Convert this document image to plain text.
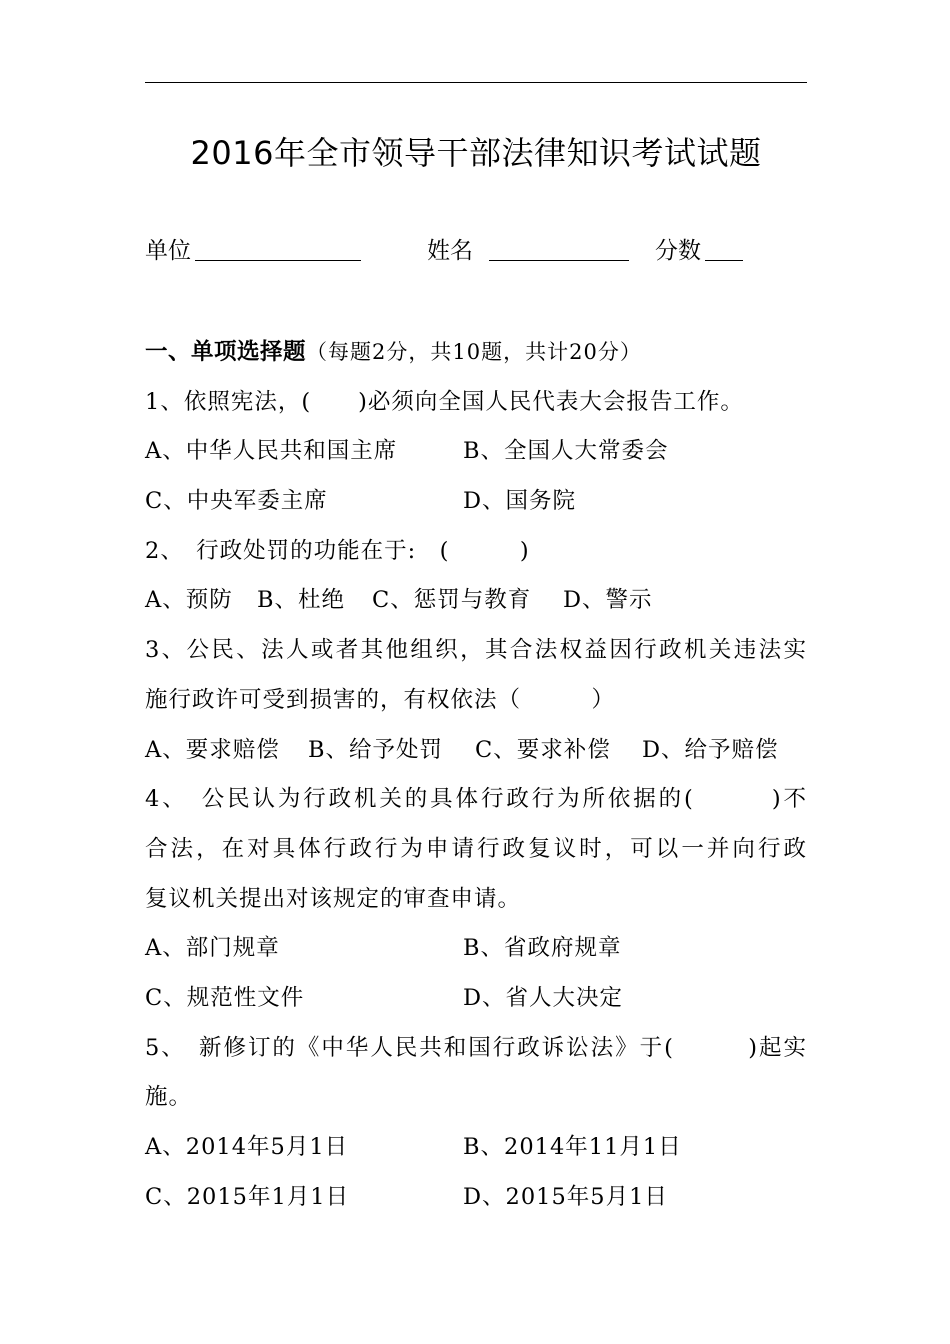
2016年全市领导干部法律知识考试试题
单位	姓名	分数
一、单项选择题（每题2分，共10题，共计20分）
1、依照宪法，(　　)必须向全国人民代表大会报告工作。
A、中华人民共和国主席	B、全国人大常委会
C、中央军委主席	D、国务院
2、　行政处罚的功能在于:　(　　　)
A、预防 B、杜绝 C、惩罚与教育 D、警示
3、公民、法人或者其他组织，其合法权益因行政机关违法实
施行政许可受到损害的，有权依法（　　　）
A、要求赔偿 B、给予处罚 C、要求补偿 D、给予赔偿
4、　公民认为行政机关的具体行政行为所依据的(　　　)不
合法，在对具体行政行为申请行政复议时，可以一并向行政
复议机关提出对该规定的审查申请。
A、部门规章	B、省政府规章
C、规范性文件	D、省人大决定
5、　新修订的《中华人民共和国行政诉讼法》于(　　　)起实
施。
A、2014年5月1日	B、2014年11月1日
C、2015年1月1日	D、2015年5月1日
